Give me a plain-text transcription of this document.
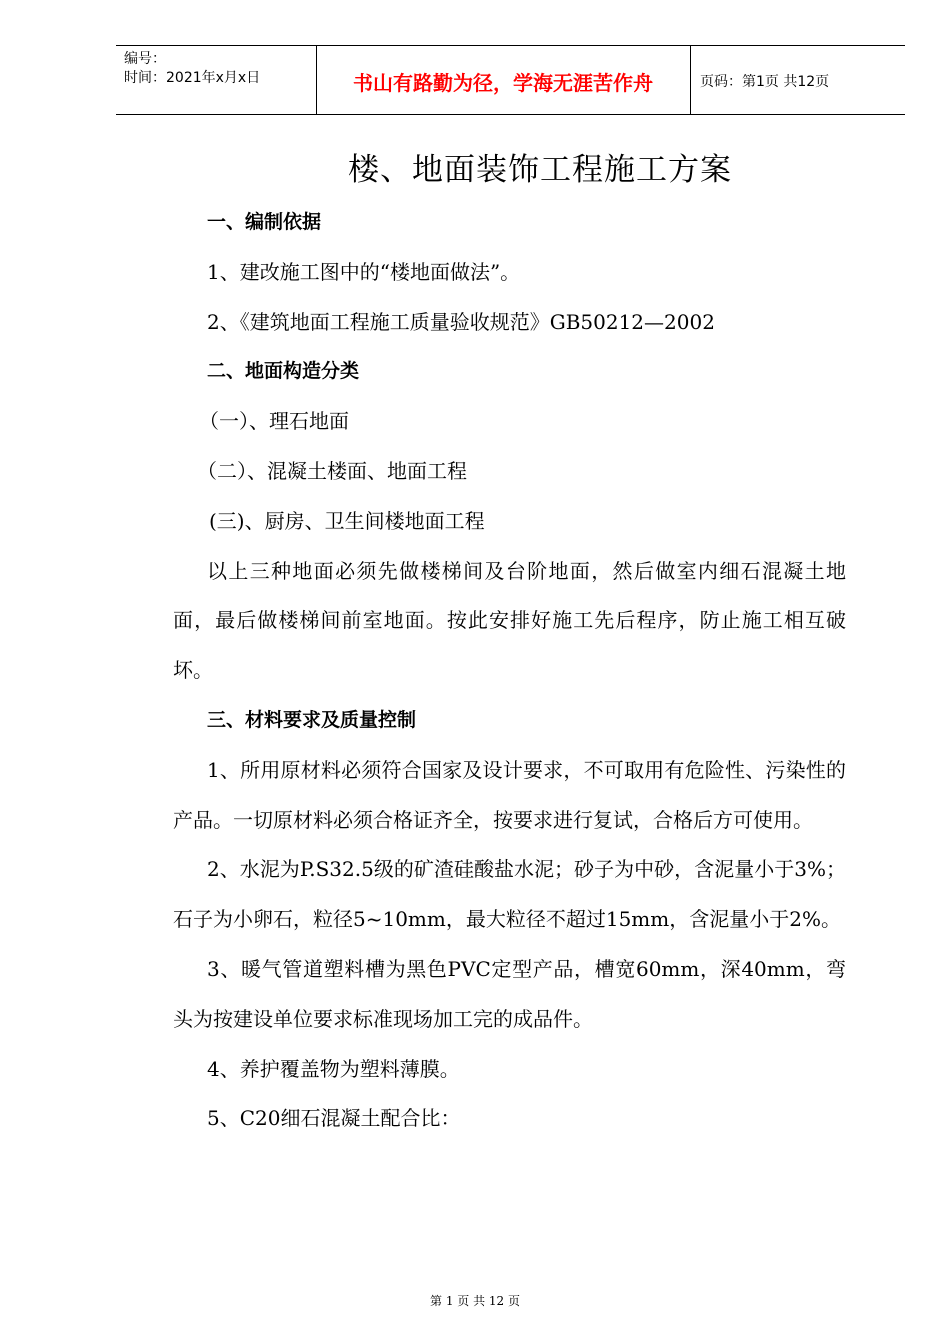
编号：
时间：2021年x月x日	书山有路勤为径，学海无涯苦作舟	页码：第1页 共12页
楼、地面装饰工程施工方案

一、编制依据

1、建改施工图中的“楼地面做法”。

2、《建筑地面工程施工质量验收规范》GB50212—2002

二、地面构造分类

（一）、理石地面

（二）、混凝土楼面、地面工程

(三)、厨房、卫生间楼地面工程

以上三种地面必须先做楼梯间及台阶地面，然后做室内细石混凝土地面，最后做楼梯间前室地面。按此安排好施工先后程序，防止施工相互破坏。

三、材料要求及质量控制

1、所用原材料必须符合国家及设计要求，不可取用有危险性、污染性的产品。一切原材料必须合格证齐全，按要求进行复试，合格后方可使用。

2、水泥为P.S32.5级的矿渣硅酸盐水泥；砂子为中砂，含泥量小于3%；石子为小卵石，粒径5~10mm，最大粒径不超过15mm，含泥量小于2%。

3、暖气管道塑料槽为黑色PVC定型产品，槽宽60mm，深40mm，弯头为按建设单位要求标准现场加工完的成品件。

4、养护覆盖物为塑料薄膜。

5、C20细石混凝土配合比：

第 1 页 共 12 页
